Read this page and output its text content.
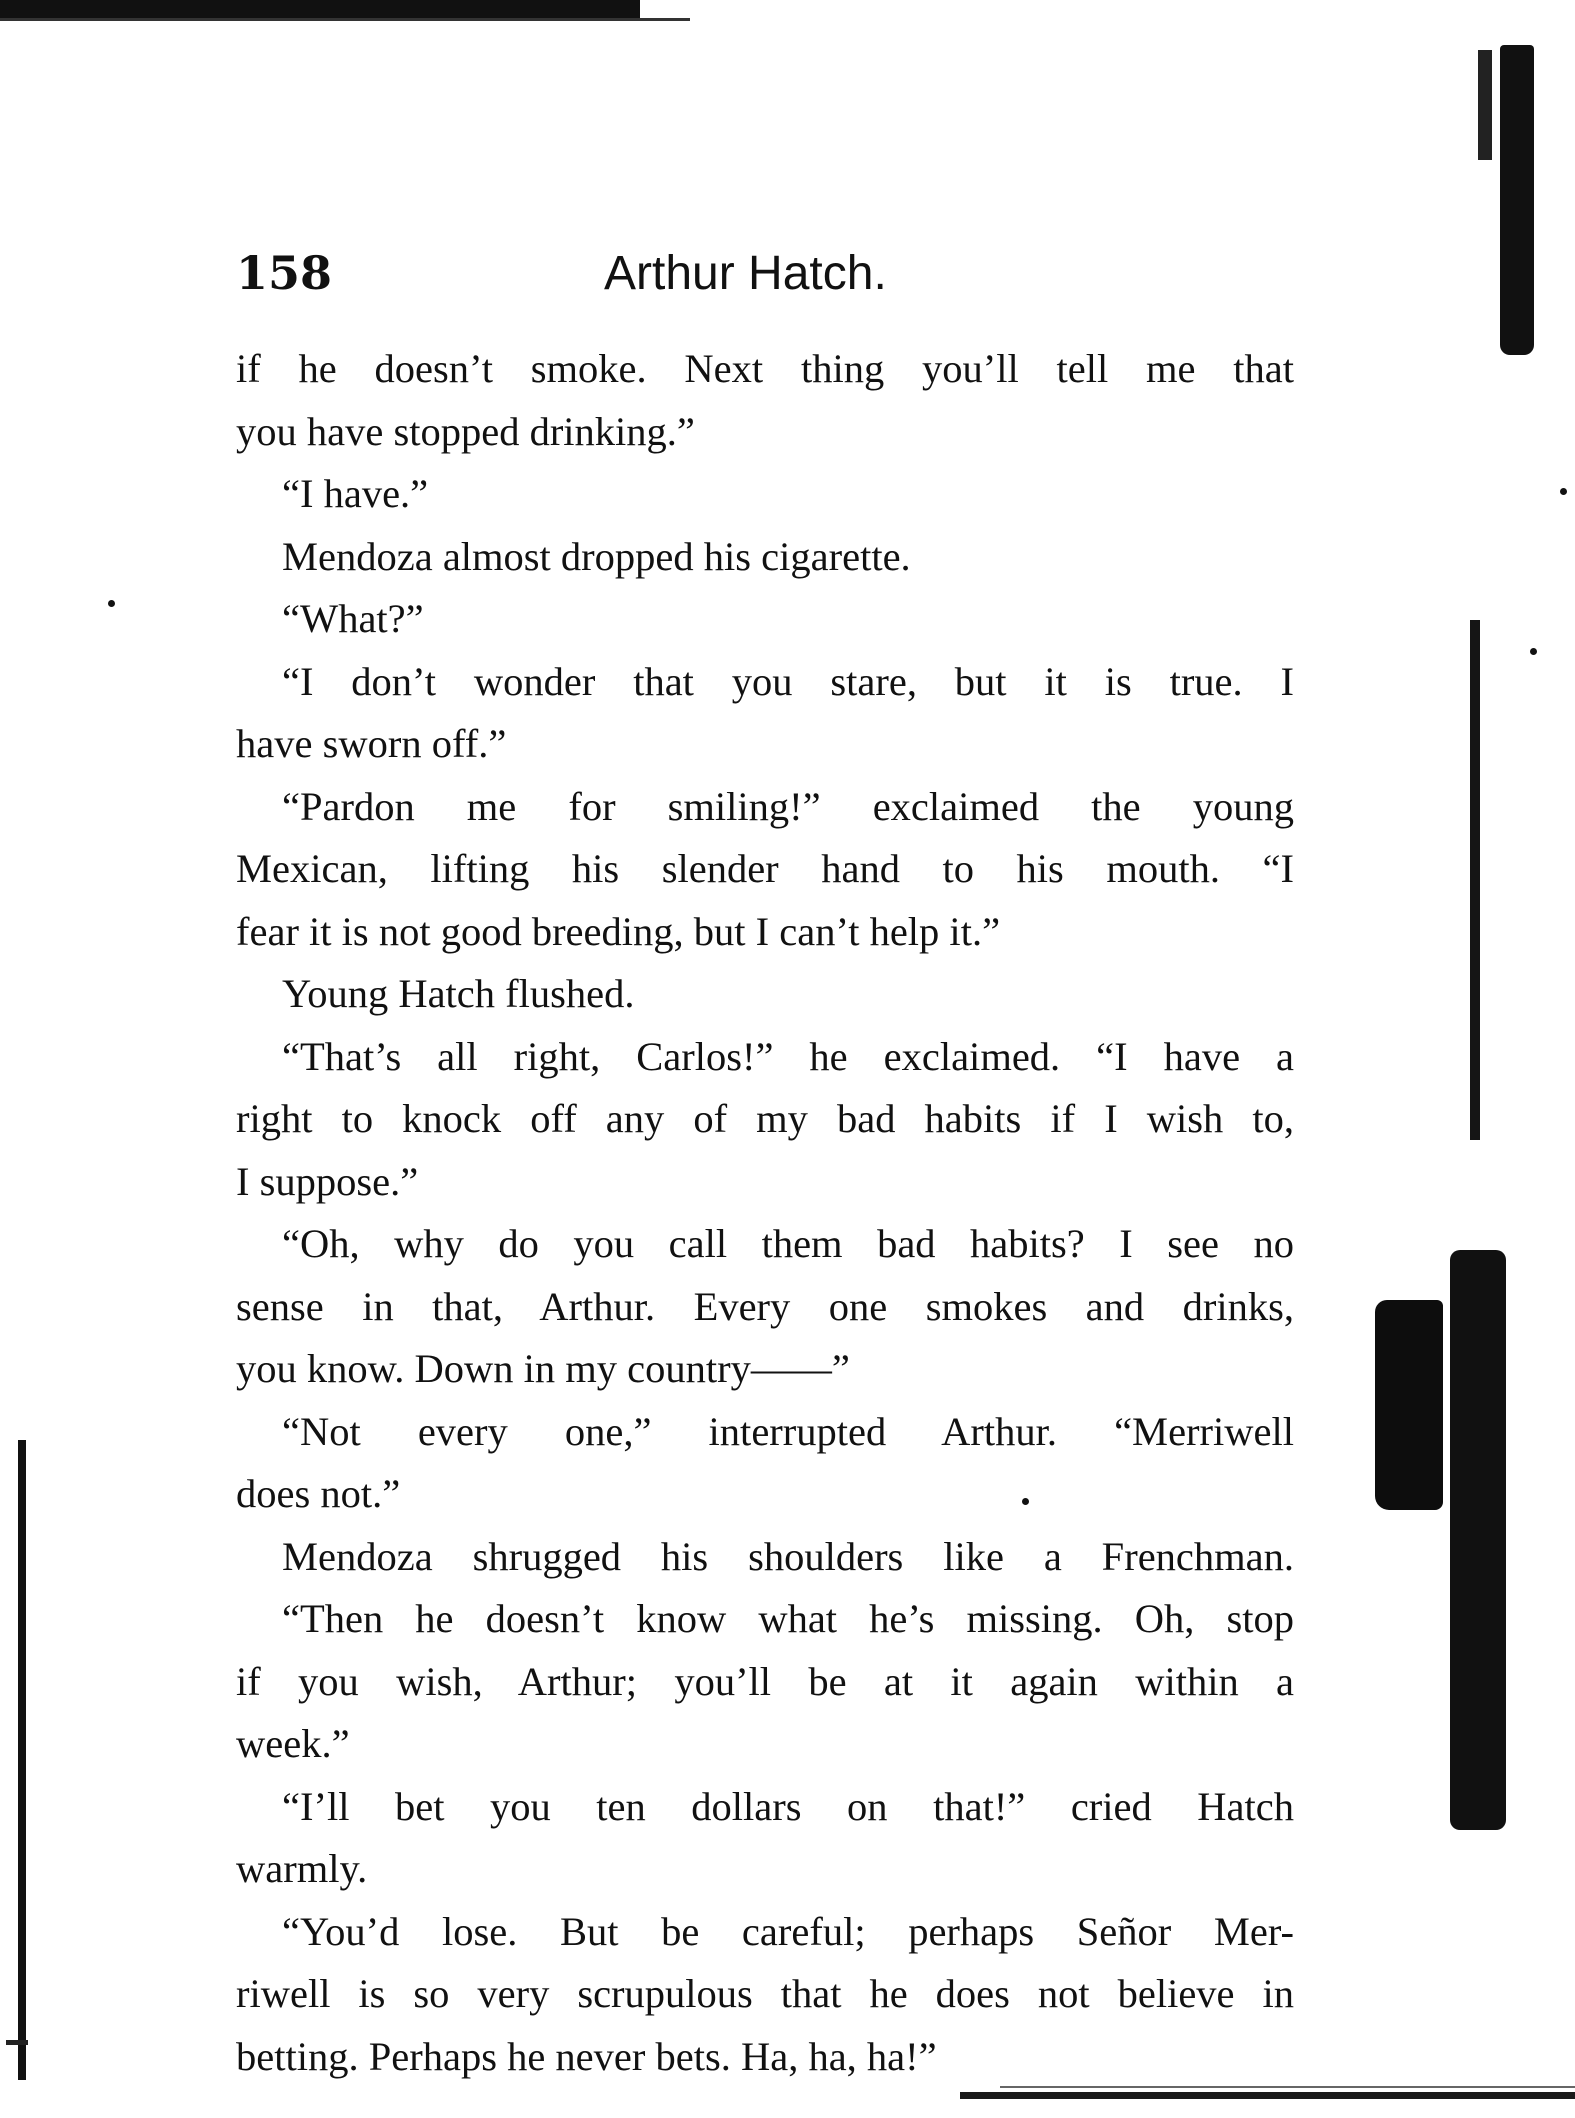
158	Arthur Hatch.
if he doesn’t smoke. Next thing you’ll tell me that
you have stopped drinking.”
“I have.”
Mendoza almost dropped his cigarette.
“What?”
“I don’t wonder that you stare, but it is true. I
have sworn off.”
“Pardon me for smiling!” exclaimed the young
Mexican, lifting his slender hand to his mouth. “I
fear it is not good breeding, but I can’t help it.”
Young Hatch flushed.
“That’s all right, Carlos!” he exclaimed. “I have a
right to knock off any of my bad habits if I wish to,
I suppose.”
“Oh, why do you call them bad habits? I see no
sense in that, Arthur. Every one smokes and drinks,
you know. Down in my country——”
“Not every one,” interrupted Arthur. “Merriwell
does not.”
Mendoza shrugged his shoulders like a Frenchman.
“Then he doesn’t know what he’s missing. Oh, stop
if you wish, Arthur; you’ll be at it again within a
week.”
“I’ll bet you ten dollars on that!” cried Hatch
warmly.
“You’d lose. But be careful; perhaps Señor Mer-
riwell is so very scrupulous that he does not believe in
betting. Perhaps he never bets. Ha, ha, ha!”
